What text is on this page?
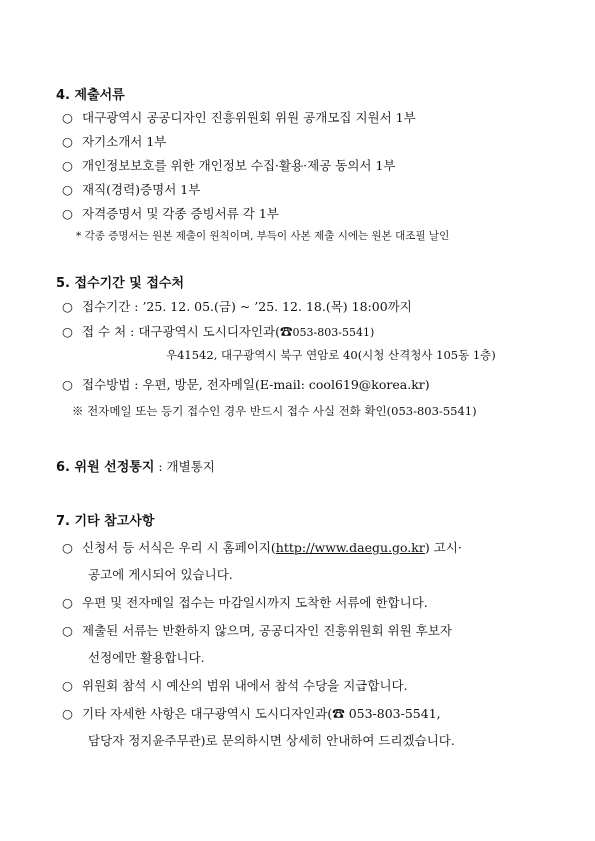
4. 제출서류
○ 대구광역시 공공디자인 진흥위원회 위원 공개모집 지원서 1부
○ 자기소개서 1부
○ 개인정보보호를 위한 개인정보 수집·활용·제공 동의서 1부
○ 재직(경력)증명서 1부
○ 자격증명서 및 각종 증빙서류 각 1부
* 각종 증명서는 원본 제출이 원칙이며, 부득이 사본 제출 시에는 원본 대조필 날인
5. 접수기간 및 접수처
○ 접수기간 : ’25. 12. 05.(금) ~ ’25. 12. 18.(목) 18:00까지
○ 접 수 처 : 대구광역시 도시디자인과(☎053-803-5541)
우41542, 대구광역시 북구 연암로 40(시청 산격청사 105동 1층)
○ 접수방법 : 우편, 방문, 전자메일(E-mail: cool619@korea.kr)
※ 전자메일 또는 등기 접수인 경우 반드시 접수 사실 전화 확인(053-803-5541)
6. 위원 선정통지 : 개별통지
7. 기타 참고사항
○ 신청서 등 서식은 우리 시 홈페이지(http://www.daegu.go.kr) 고시·
공고에 게시되어 있습니다.
○ 우편 및 전자메일 접수는 마감일시까지 도착한 서류에 한합니다.
○ 제출된 서류는 반환하지 않으며, 공공디자인 진흥위원회 위원 후보자
선정에만 활용합니다.
○ 위원회 참석 시 예산의 범위 내에서 참석 수당을 지급합니다.
○ 기타 자세한 사항은 대구광역시 도시디자인과(☎ 053-803-5541,
담당자 정지윤주무관)로 문의하시면 상세히 안내하여 드리겠습니다.
